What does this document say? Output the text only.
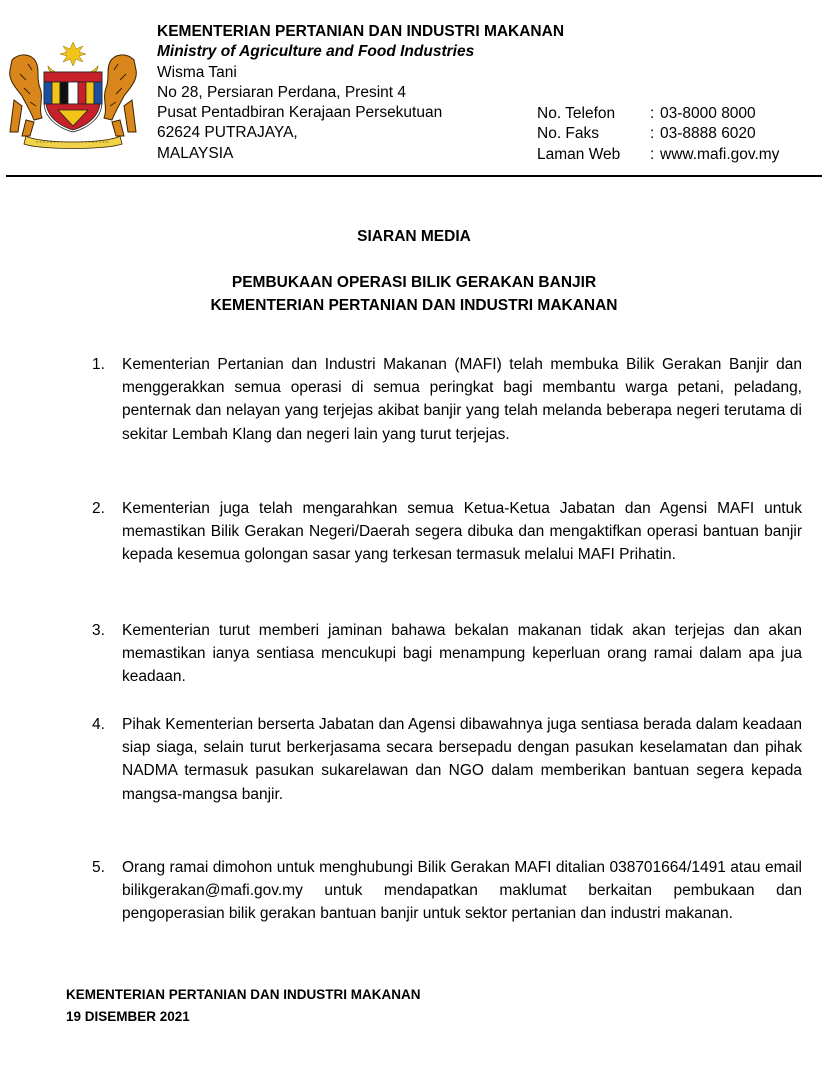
KEMENTERIAN PERTANIAN DAN INDUSTRI MAKANAN
Ministry of Agriculture and Food Industries
Wisma Tani
No 28, Persiaran Perdana, Presint 4
Pusat Pentadbiran Kerajaan Persekutuan
62624 PUTRAJAYA,
MALAYSIA
No. Telefon	: 03-8000 8000
No. Faks	: 03-8888 6020
Laman Web	: www.mafi.gov.my
SIARAN MEDIA
PEMBUKAAN OPERASI BILIK GERAKAN BANJIR
KEMENTERIAN PERTANIAN DAN INDUSTRI MAKANAN
1.	Kementerian Pertanian dan Industri Makanan (MAFI) telah membuka Bilik Gerakan Banjir dan menggerakkan semua operasi di semua peringkat bagi membantu warga petani, peladang, penternak dan nelayan yang terjejas akibat banjir yang telah melanda beberapa negeri terutama di sekitar Lembah Klang dan negeri lain yang turut terjejas.
2.	Kementerian juga telah mengarahkan semua Ketua-Ketua Jabatan dan Agensi MAFI untuk memastikan Bilik Gerakan Negeri/Daerah segera dibuka dan mengaktifkan operasi bantuan banjir kepada kesemua golongan sasar yang terkesan termasuk melalui MAFI Prihatin.
3.	Kementerian turut memberi jaminan bahawa bekalan makanan tidak akan terjejas dan akan memastikan ianya sentiasa mencukupi bagi menampung keperluan orang ramai dalam apa jua keadaan.
4.	Pihak Kementerian berserta Jabatan dan Agensi dibawahnya juga sentiasa berada dalam keadaan siap siaga, selain turut berkerjasama secara bersepadu dengan pasukan keselamatan dan pihak NADMA termasuk pasukan sukarelawan dan NGO dalam memberikan bantuan segera kepada mangsa-mangsa banjir.
5.	Orang ramai dimohon untuk menghubungi Bilik Gerakan MAFI ditalian 038701664/1491 atau email bilikgerakan@mafi.gov.my untuk mendapatkan maklumat berkaitan pembukaan dan pengoperasian bilik gerakan bantuan banjir untuk sektor pertanian dan industri makanan.
KEMENTERIAN PERTANIAN DAN INDUSTRI MAKANAN
19 DISEMBER 2021
